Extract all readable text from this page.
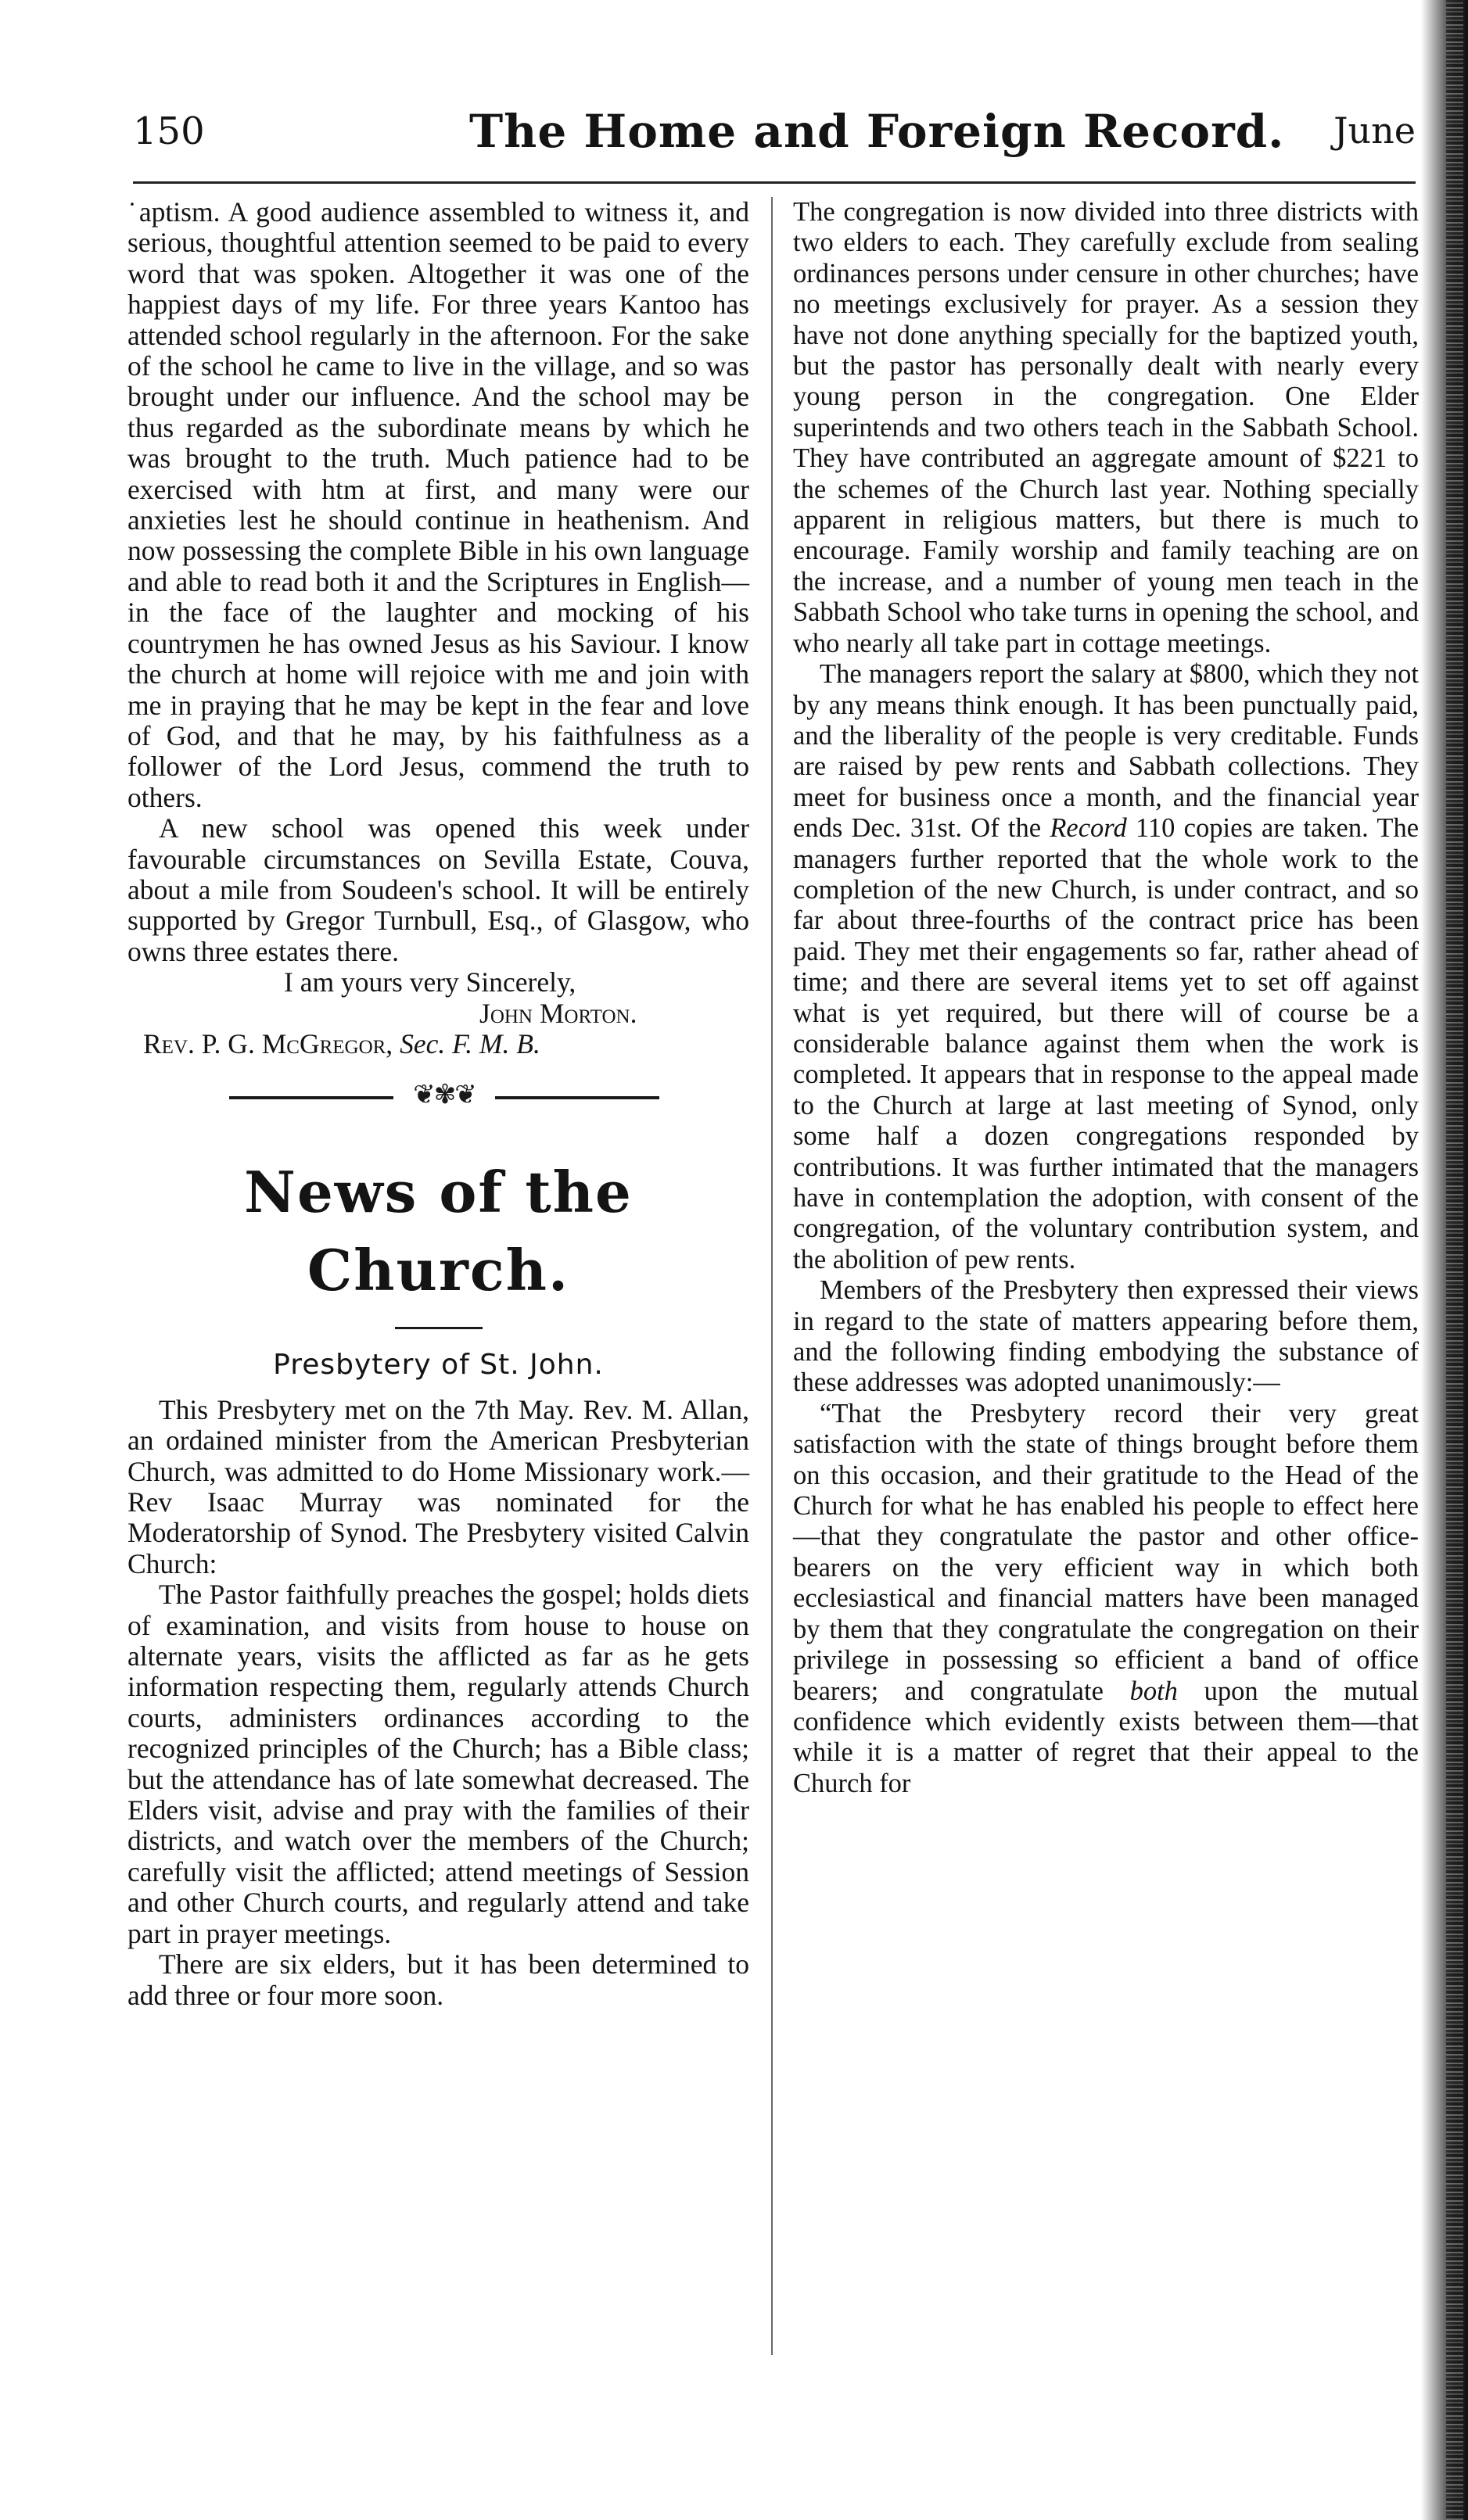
150	The Home and Foreign Record. June

˙aptism. A good audience assembled to witness it, and serious, thoughtful attention seemed to be paid to every word that was spoken. Altogether it was one of the happiest days of my life. For three years Kantoo has attended school regularly in the afternoon. For the sake of the school he came to live in the village, and so was brought under our influence. And the school may be thus regarded as the subordinate means by which he was brought to the truth. Much patience had to be exercised with htm at first, and many were our anxieties lest he should continue in heathenism. And now possessing the complete Bible in his own language and able to read both it and the Scriptures in English—in the face of the laughter and mocking of his countrymen he has owned Jesus as his Saviour. I know the church at home will rejoice with me and join with me in praying that he may be kept in the fear and love of God, and that he may, by his faithfulness as a follower of the Lord Jesus, commend the truth to others.

A new school was opened this week under favourable circumstances on Sevilla Estate, Couva, about a mile from Soudeen's school. It will be entirely supported by Gregor Turnbull, Esq., of Glasgow, who owns three estates there.

I am yours very Sincerely,

John Morton.

Rev. P. G. McGregor, Sec. F. M. B.

❦✾❦
News of the Church.
Presbytery of St. John.

This Presbytery met on the 7th May. Rev. M. Allan, an ordained minister from the American Presbyterian Church, was admitted to do Home Missionary work.—Rev Isaac Murray was nominated for the Moderatorship of Synod. The Presbytery visited Calvin Church:

The Pastor faithfully preaches the gospel; holds diets of examination, and visits from house to house on alternate years, visits the afflicted as far as he gets information respecting them, regularly attends Church courts, administers ordinances according to the recognized principles of the Church; has a Bible class; but the attendance has of late somewhat decreased. The Elders visit, advise and pray with the families of their districts, and watch over the members of the Church; carefully visit the afflicted; attend meetings of Session and other Church courts, and regularly attend and take part in prayer meetings.

There are six elders, but it has been determined to add three or four more soon.

The congregation is now divided into three districts with two elders to each. They carefully exclude from sealing ordinances persons under censure in other churches; have no meetings exclusively for prayer. As a session they have not done anything specially for the baptized youth, but the pastor has personally dealt with nearly every young person in the congregation. One Elder superintends and two others teach in the Sabbath School. They have contributed an aggregate amount of $221 to the schemes of the Church last year. Nothing specially apparent in religious matters, but there is much to encourage. Family worship and family teaching are on the increase, and a number of young men teach in the Sabbath School who take turns in opening the school, and who nearly all take part in cottage meetings.

The managers report the salary at $800, which they not by any means think enough. It has been punctually paid, and the liberality of the people is very creditable. Funds are raised by pew rents and Sabbath collections. They meet for business once a month, and the financial year ends Dec. 31st. Of the Record 110 copies are taken. The managers further reported that the whole work to the completion of the new Church, is under contract, and so far about three-fourths of the contract price has been paid. They met their engagements so far, rather ahead of time; and there are several items yet to set off against what is yet required, but there will of course be a considerable balance against them when the work is completed. It appears that in response to the appeal made to the Church at large at last meeting of Synod, only some half a dozen congregations responded by contributions. It was further intimated that the managers have in contemplation the adoption, with consent of the congregation, of the voluntary contribution system, and the abolition of pew rents.

Members of the Presbytery then expressed their views in regard to the state of matters appearing before them, and the following finding embodying the substance of these addresses was adopted unanimously:—

“That the Presbytery record their very great satisfaction with the state of things brought before them on this occasion, and their gratitude to the Head of the Church for what he has enabled his people to effect here—that they congratulate the pastor and other office-bearers on the very efficient way in which both ecclesiastical and financial matters have been managed by them that they congratulate the congregation on their privilege in possessing so efficient a band of office bearers; and congratulate both upon the mutual confidence which evidently exists between them—that while it is a matter of regret that their appeal to the Church for
